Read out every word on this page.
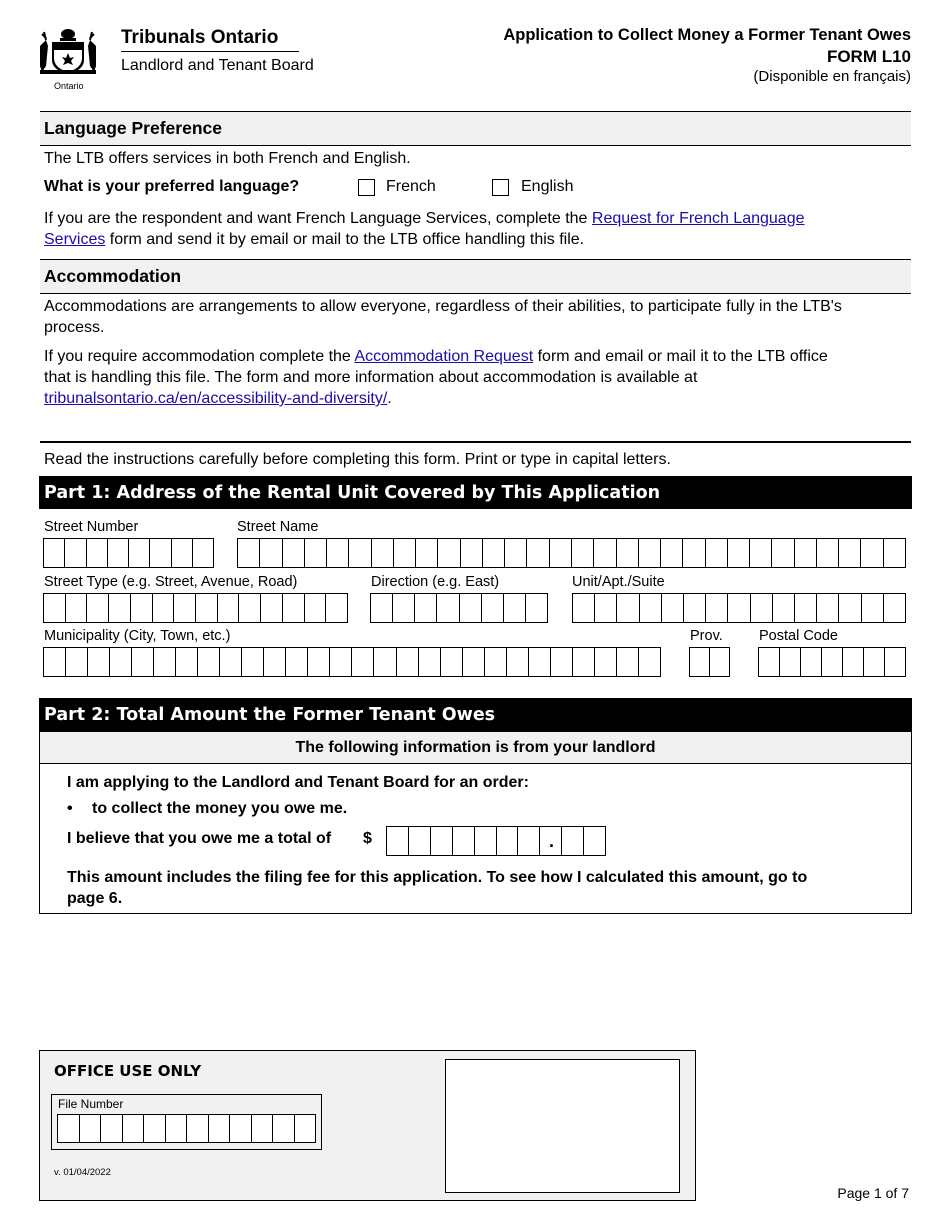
Ontario
Tribunals Ontario
Landlord and Tenant Board
Application to Collect Money a Former Tenant Owes
FORM L10
(Disponible en français)
Language Preference
The LTB offers services in both French and English.
What is your preferred language?	French	English
If you are the respondent and want French Language Services, complete the Request for French Language
Services form and send it by email or mail to the LTB office handling this file.
Accommodation
Accommodations are arrangements to allow everyone, regardless of their abilities, to participate fully in the LTB's
process.
If you require accommodation complete the Accommodation Request form and email or mail it to the LTB office
that is handling this file. The form and more information about accommodation is available at
tribunalsontario.ca/en/accessibility-and-diversity/.
Read the instructions carefully before completing this form. Print or type in capital letters.
Part 1: Address of the Rental Unit Covered by This Application
Street Number	Street Name
Street Type (e.g. Street, Avenue, Road)	Direction (e.g. East)	Unit/Apt./Suite
Municipality (City, Town, etc.)	Prov. Postal Code
Part 2: Total Amount the Former Tenant Owes
The following information is from your landlord
I am applying to the Landlord and Tenant Board for an order:
• to collect the money you owe me.
I believe that you owe me a total of $	.
This amount includes the filing fee for this application. To see how I calculated this amount, go to
page 6.
OFFICE USE ONLY
File Number
v. 01/04/2022
Page 1 of 7
